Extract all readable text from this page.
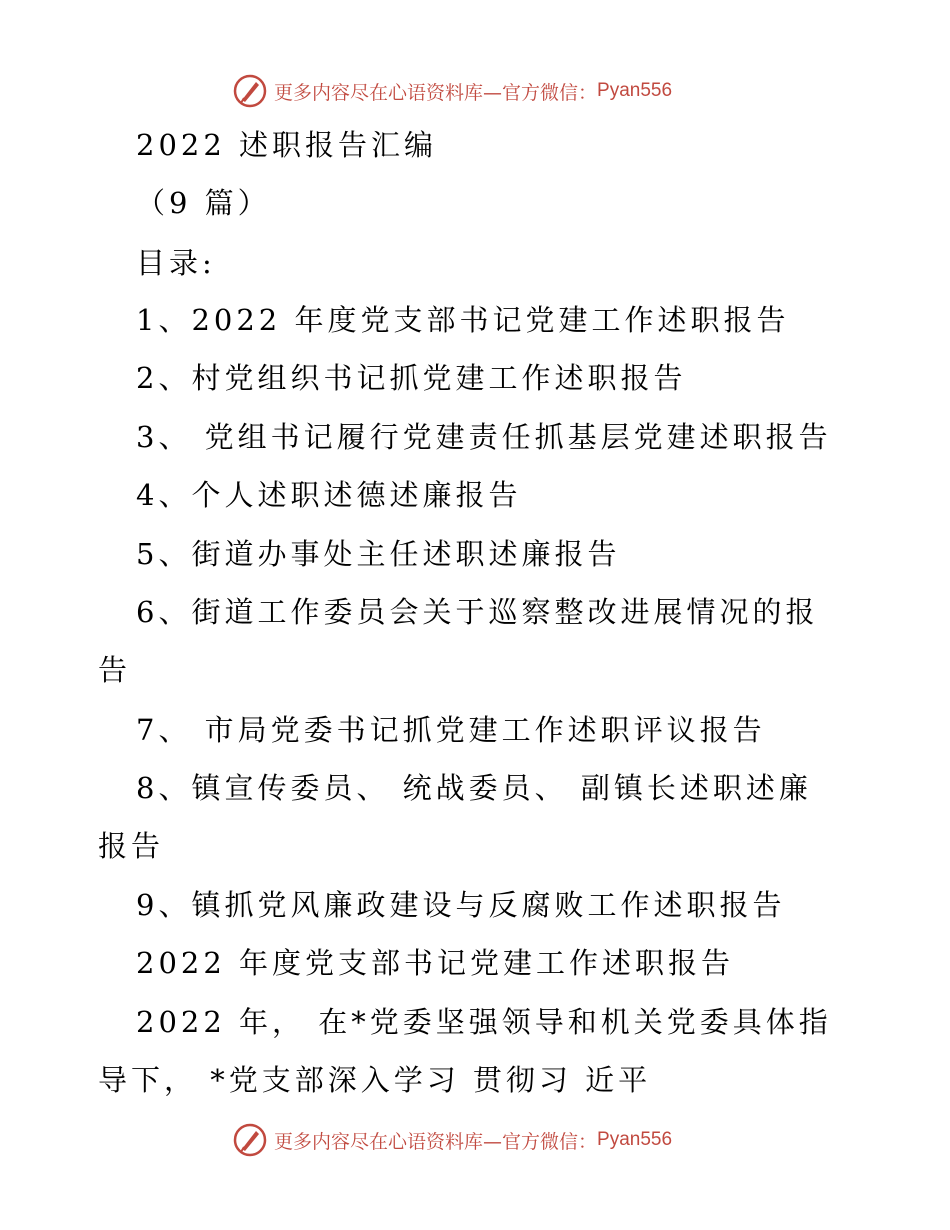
更多内容尽在心语资料库—官方微信： Pyan556
2022 述职报告汇编
（9 篇）
目录:
1、2022 年度党支部书记党建工作述职报告
2、村党组织书记抓党建工作述职报告
3、 党组书记履行党建责任抓基层党建述职报告
4、个人述职述德述廉报告
5、街道办事处主任述职述廉报告
6、街道工作委员会关于巡察整改进展情况的报
告
7、 市局党委书记抓党建工作述职评议报告
8、镇宣传委员、 统战委员、 副镇长述职述廉
报告
9、镇抓党风廉政建设与反腐败工作述职报告
2022 年度党支部书记党建工作述职报告
2022 年， 在*党委坚强领导和机关党委具体指
导下， *党支部深入学习 贯彻习 近平
更多内容尽在心语资料库—官方微信： Pyan556
